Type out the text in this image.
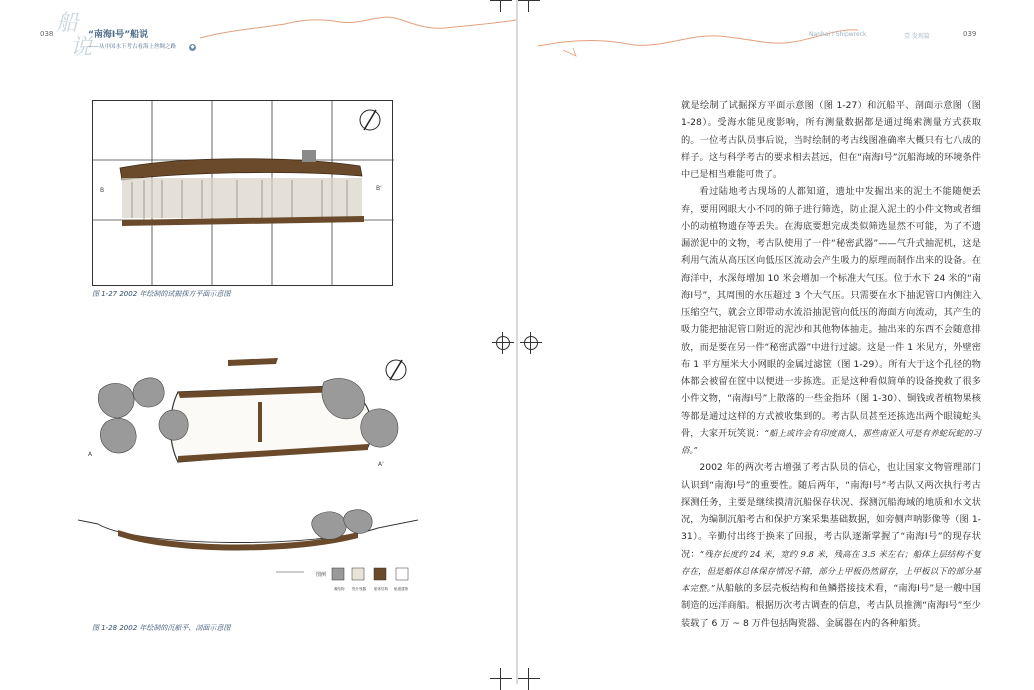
038 船
说
“南海Ⅰ号”船说
——从中国水下考古看海上丝绸之路	◆
B	B'
图 1-27 2002 年绘制的试掘探方平面示意图
A
A'
图例
凝结物 瓷片残器 船体结构 船道遗物
图 1-28 2002 年绘制的沉船平、剖面示意图
Nanhai I Shipwreck	壹 发现篇	039

就是绘制了试掘探方平面示意图（图 1-27）和沉船平、剖面示意图（图 1-28）。受海水能见度影响，所有测量数据都是通过绳索测量方式获取的。一位考古队员事后说，当时绘制的考古线图准确率大概只有七八成的样子。这与科学考古的要求相去甚远，但在“南海Ⅰ号”沉船海域的环境条件中已是相当难能可贵了。

看过陆地考古现场的人都知道，遗址中发掘出来的泥土不能随便丢弃，要用网眼大小不同的筛子进行筛选，防止混入泥土的小件文物或者细小的动植物遗存等丢失。在海底要想完成类似筛选显然不可能，为了不遗漏淤泥中的文物，考古队使用了一件“秘密武器”——气升式抽泥机，这是利用气流从高压区向低压区流动会产生吸力的原理而制作出来的设备。在海洋中，水深每增加 10 米会增加一个标准大气压。位于水下 24 米的“南海Ⅰ号”，其周围的水压超过 3 个大气压。只需要在水下抽泥管口内侧注入压缩空气，就会立即带动水流沿抽泥管向低压的海面方向流动，其产生的吸力能把抽泥管口附近的泥沙和其他物体抽走。抽出来的东西不会随意排放，而是要在另一件“秘密武器”中进行过滤。这是一件 1 米见方，外壁密布 1 平方厘米大小网眼的金属过滤筐（图 1-29）。所有大于这个孔径的物体都会被留在筐中以便进一步拣选。正是这种看似简单的设备挽救了很多小件文物，“南海Ⅰ号”上散落的一些金指环（图 1-30）、铜钱或者植物果核等都是通过这样的方式被收集到的。考古队员甚至还拣选出两个眼镜蛇头骨，大家开玩笑说：“船上或许会有印度商人，那些南亚人可是有养蛇玩蛇的习俗。”

2002 年的两次考古增强了考古队员的信心，也让国家文物管理部门认识到“南海Ⅰ号”的重要性。随后两年，“南海Ⅰ号”考古队又两次执行考古探测任务，主要是继续摸清沉船保存状况、探测沉船海域的地质和水文状况，为编制沉船考古和保护方案采集基础数据，如旁侧声呐影像等（图 1-31）。辛勤付出终于换来了回报，考古队逐渐掌握了“南海Ⅰ号”的现存状况：“残存长度约 24 米，宽约 9.8 米，残高在 3.5 米左右；船体上层结构不复存在，但是船体总体保存情况不错，部分上甲板仍然留存，上甲板以下的部分基本完整。”从船舷的多层壳板结构和鱼鳞搭接技术看，“南海Ⅰ号”是一艘中国制造的远洋商船。根据历次考古调查的信息，考古队员推测“南海Ⅰ号”至少装载了 6 万 ~ 8 万件包括陶瓷器、金属器在内的各种船货。
